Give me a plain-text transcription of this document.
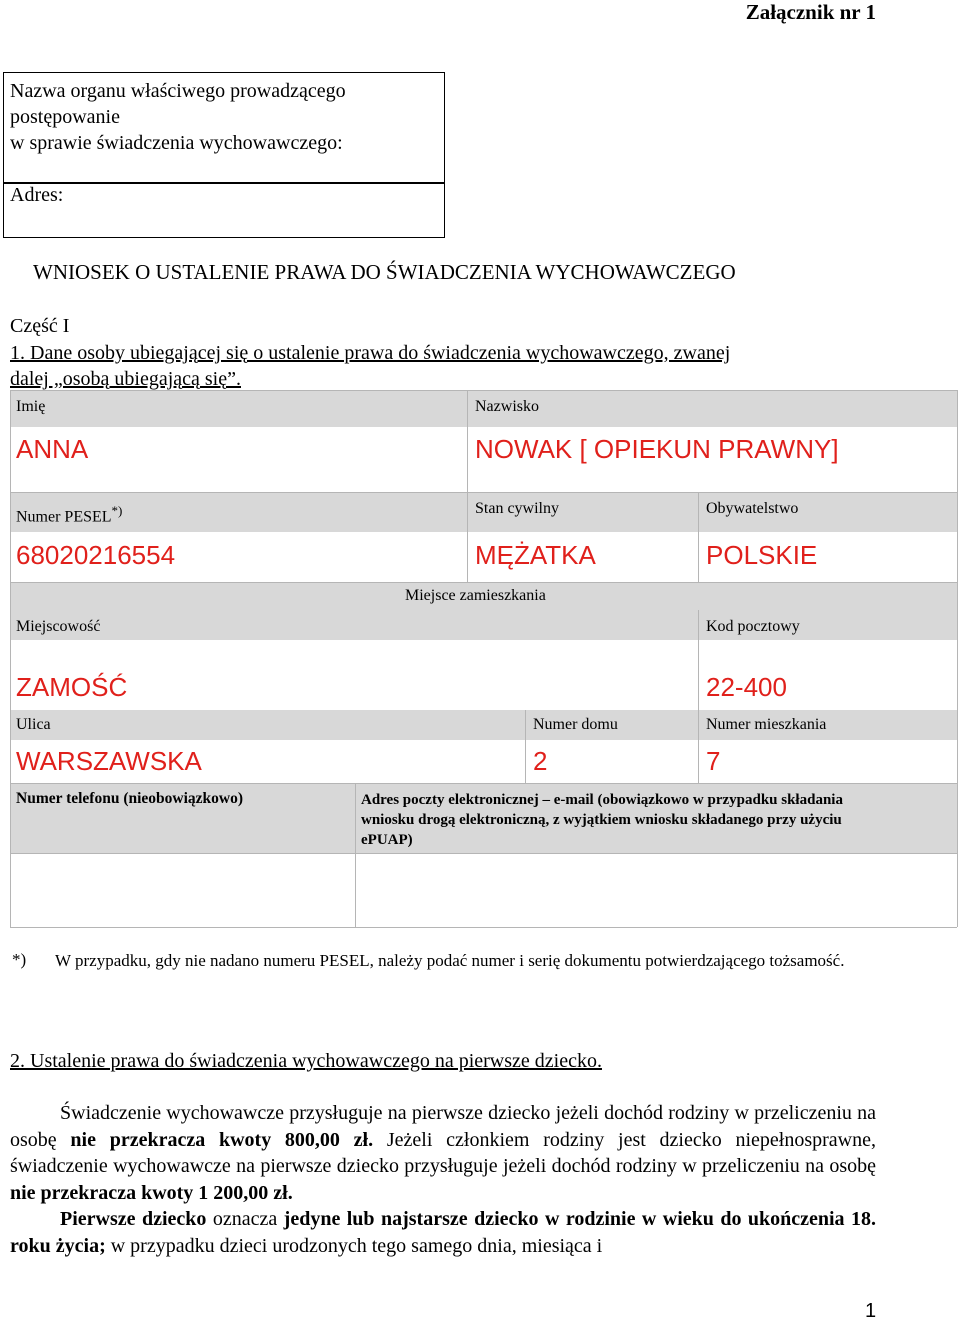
Załącznik nr 1
Nazwa organu właściwego prowadzącego
postępowanie
w sprawie świadczenia wychowawczego:
Adres:
WNIOSEK O USTALENIE PRAWA DO ŚWIADCZENIA WYCHOWAWCZEGO
Część I
1. Dane osoby ubiegającej się o ustalenie prawa do świadczenia wychowawczego, zwanej
dalej „osobą ubiegającą się”.
Imię	Nazwisko
ANNA	NOWAK [ OPIEKUN PRAWNY]
Numer PESEL*)	Stan cywilny	Obywatelstwo
68020216554	MĘŻATKA	POLSKIE
Miejsce zamieszkania
Miejscowość	Kod pocztowy
ZAMOŚĆ	22-400
Ulica	Numer domu	Numer mieszkania
WARSZAWSKA	2	7
Numer telefonu (nieobowiązkowo)	Adres poczty elektronicznej – e-mail (obowiązkowo w przypadku składania
wniosku drogą elektroniczną, z wyjątkiem wniosku składanego przy użyciu
ePUAP)
*) W przypadku, gdy nie nadano numeru PESEL, należy podać numer i serię dokumentu potwierdzającego tożsamość.
2. Ustalenie prawa do świadczenia wychowawczego na pierwsze dziecko.
Świadczenie wychowawcze przysługuje na pierwsze dziecko jeżeli dochód rodziny w przeliczeniu na osobę nie przekracza kwoty 800,00 zł. Jeżeli członkiem rodziny jest dziecko niepełnosprawne, świadczenie wychowawcze na pierwsze dziecko przysługuje jeżeli dochód rodziny w przeliczeniu na osobę nie przekracza kwoty 1 200,00 zł.
Pierwsze dziecko oznacza jedyne lub najstarsze dziecko w rodzinie w wieku do ukończenia 18. roku życia; w przypadku dzieci urodzonych tego samego dnia, miesiąca i
1
